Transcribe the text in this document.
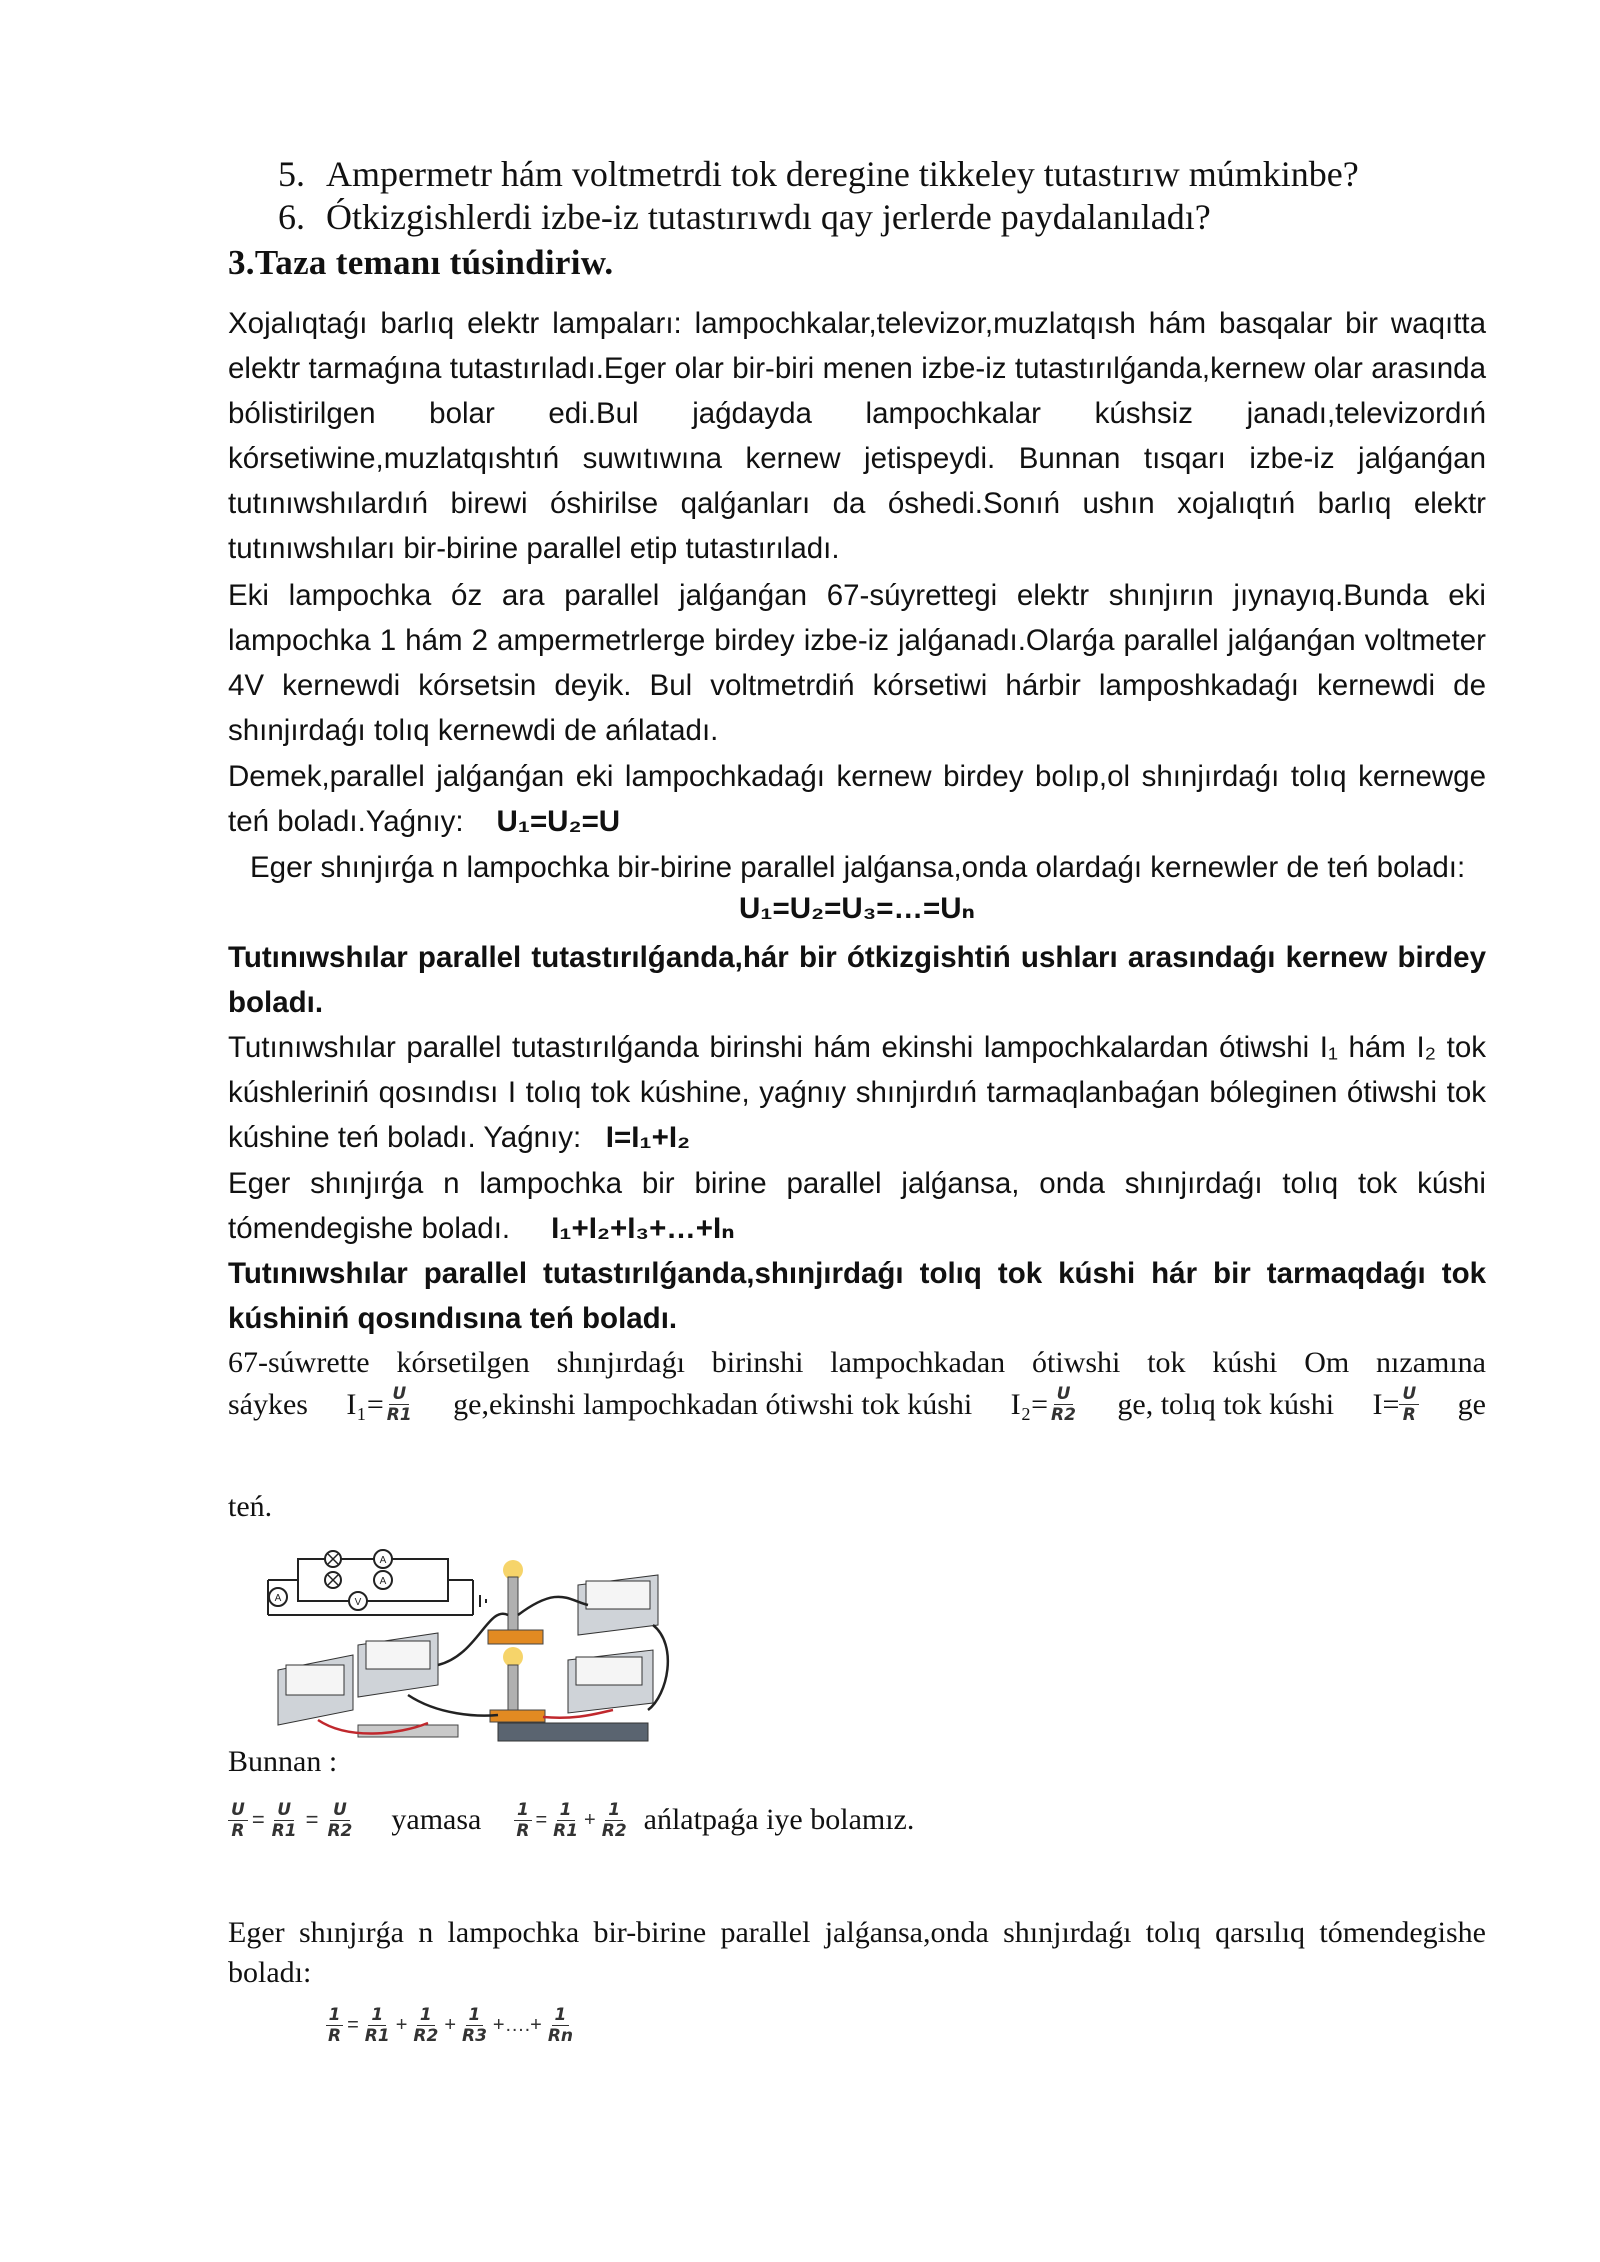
5. Ampermetr hám voltmetrdi tok deregine tikkeley tutastırıw múmkinbe?
6. Ótkizgishlerdi izbe-iz tutastırıwdı qay jerlerde paydalanıladı?
3.Taza temanı túsindiriw.
Xojalıqtaǵı barlıq elektr lampaları: lampochkalar,televizor,muzlatqısh hám basqalar bir waqıtta elektr tarmaǵına tutastırıladı.Eger olar bir-biri menen izbe-iz tutastırılǵanda,kernew olar arasında bólistirilgen bolar edi.Bul jaǵdayda lampochkalar kúshsiz janadı,televizordıń kórsetiwine,muzlatqıshtıń suwıtıwına kernew jetispeydi. Bunnan tısqarı izbe-iz jalǵanǵan tutınıwshılardıń birewi óshirilse qalǵanları da óshedi.Sonıń ushın xojalıqtıń barlıq elektr tutınıwshıları bir-birine parallel etip tutastırıladı.
Eki lampochka óz ara parallel jalǵanǵan 67-súyrettegi elektr shınjırın jıynayıq.Bunda eki lampochka 1 hám 2 ampermetrlerge birdey izbe-iz jalǵanadı.Olarǵa parallel jalǵanǵan voltmeter 4V kernewdi kórsetsin deyik. Bul voltmetrdiń kórsetiwi hárbir lamposhkadaǵı kernewdi de shınjırdaǵı tolıq kernewdi de ańlatadı.
Demek,parallel jalǵanǵan eki lampochkadaǵı kernew birdey bolıp,ol shınjırdaǵı tolıq kernewge teń boladı.Yaǵnıy: U₁=U₂=U
Eger shınjırǵa n lampochka bir-birine parallel jalǵansa,onda olardaǵı kernewler de teń boladı:
U₁=U₂=U₃=…=Uₙ
Tutınıwshılar parallel tutastırılǵanda,hár bir ótkizgishtiń ushları arasındaǵı kernew birdey boladı.
Tutınıwshılar parallel tutastırılǵanda birinshi hám ekinshi lampochkalardan ótiwshi I₁ hám I₂ tok kúshleriniń qosındısı I tolıq tok kúshine, yaǵnıy shınjırdıń tarmaqlanbaǵan bóleginen ótiwshi tok kúshine teń boladı. Yaǵnıy: I=I₁+I₂
Eger shınjırǵa n lampochka bir birine parallel jalǵansa, onda shınjırdaǵı tolıq tok kúshi tómendegishe boladı. I₁+I₂+I₃+…+Iₙ
Tutınıwshılar parallel tutastırılǵanda,shınjırdaǵı tolıq tok kúshi hár bir tarmaqdaǵı tok kúshiniń qosındısına teń boladı.
67-súwrette kórsetilgen shınjırdaǵı birinshi lampochkadan ótiwshi tok kúshi Om nızamına
sáykes $I_1= \frac{U}{R1}$ ge,ekinshi lampochkadan ótiwshi tok kúshi $I_2= \frac{U}{R2}$ ge, tolıq tok kúshi $I= \frac{U}{R}$ ge
teń.
A
A
V
A
Bunnan :
$\frac{U}{R} = \frac{U}{R1} = \frac{U}{R2}$ yamasa $\frac{1}{R} = \frac{1}{R1} + \frac{1}{R2}$ ańlatpaǵa iye bolamız.
Eger shınjırǵa n lampochka bir-birine parallel jalǵansa,onda shınjırdaǵı tolıq qarsılıq tómendegishe boladı:
$\frac{1}{R} = \frac{1}{R1} + \frac{1}{R2} + \frac{1}{R3}$ +….+ $\frac{1}{Rn}$
